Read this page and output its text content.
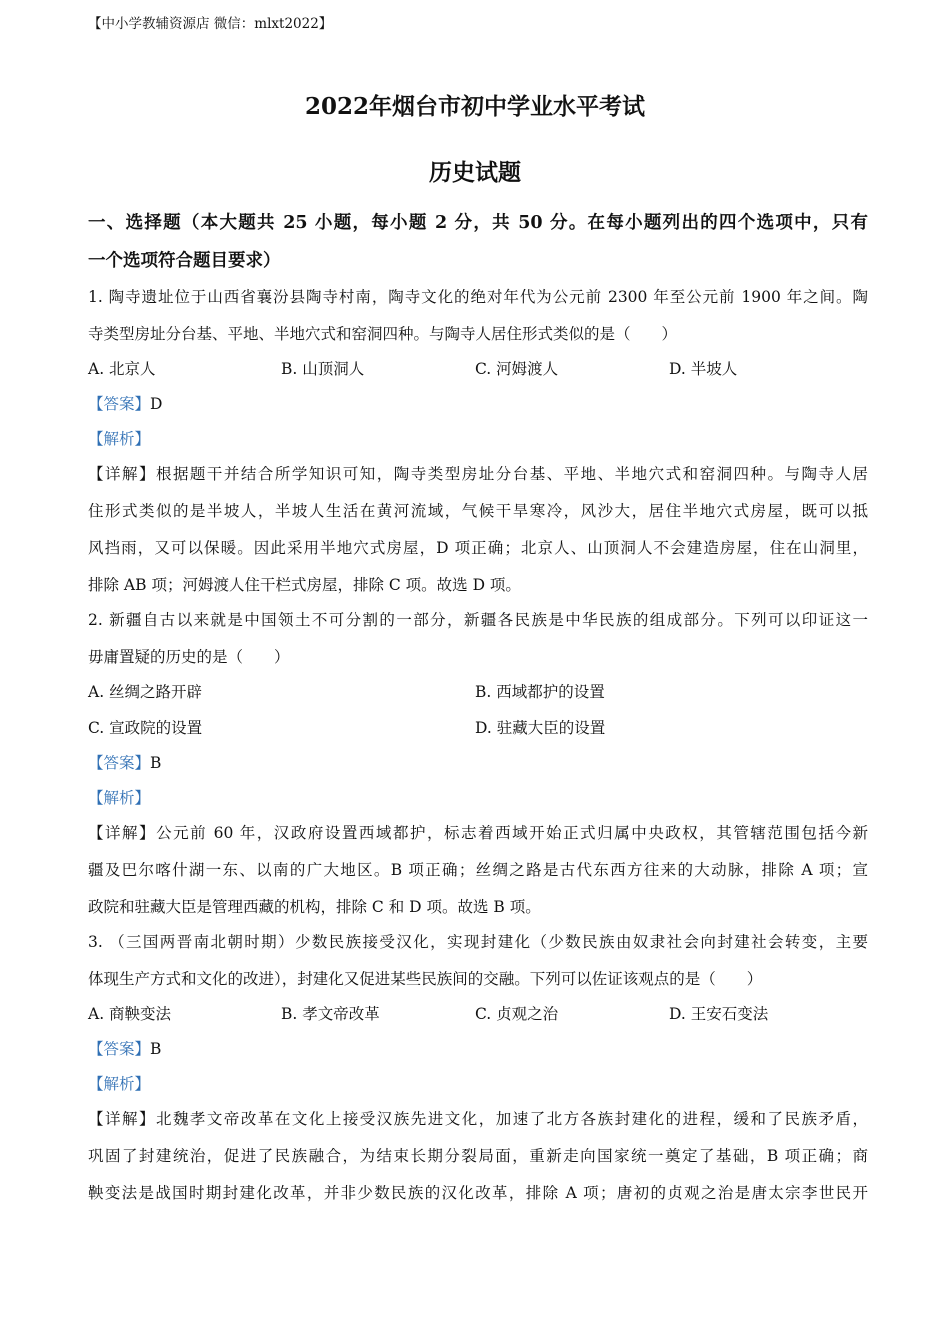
【中小学教辅资源店 微信：mlxt2022】
2022年烟台市初中学业水平考试
历史试题
一、选择题（本大题共 25 小题，每小题 2 分，共 50 分。在每小题列出的四个选项中，只有
一个选项符合题目要求）
1. 陶寺遗址位于山西省襄汾县陶寺村南，陶寺文化的绝对年代为公元前 2300 年至公元前 1900 年之间。陶
寺类型房址分台基、平地、半地穴式和窑洞四种。与陶寺人居住形式类似的是（　　）
A. 北京人	B. 山顶洞人	C. 河姆渡人	D. 半坡人
【答案】D
【解析】
【详解】根据题干并结合所学知识可知，陶寺类型房址分台基、平地、半地穴式和窑洞四种。与陶寺人居
住形式类似的是半坡人，半坡人生活在黄河流域，气候干旱寒冷，风沙大，居住半地穴式房屋，既可以抵
风挡雨，又可以保暖。因此采用半地穴式房屋，D 项正确；北京人、山顶洞人不会建造房屋，住在山洞里，
排除 AB 项；河姆渡人住干栏式房屋，排除 C 项。故选 D 项。
2. 新疆自古以来就是中国领土不可分割的一部分，新疆各民族是中华民族的组成部分。下列可以印证这一
毋庸置疑的历史的是（　　）
A. 丝绸之路开辟	B. 西域都护的设置
C. 宣政院的设置	D. 驻藏大臣的设置
【答案】B
【解析】
【详解】公元前 60 年，汉政府设置西域都护，标志着西域开始正式归属中央政权，其管辖范围包括今新
疆及巴尔喀什湖一东、以南的广大地区。B 项正确；丝绸之路是古代东西方往来的大动脉，排除 A 项；宣
政院和驻藏大臣是管理西藏的机构，排除 C 和 D 项。故选 B 项。
3. （三国两晋南北朝时期）少数民族接受汉化，实现封建化（少数民族由奴隶社会向封建社会转变，主要
体现生产方式和文化的改进），封建化又促进某些民族间的交融。下列可以佐证该观点的是（　　）
A. 商鞅变法	B. 孝文帝改革	C. 贞观之治	D. 王安石变法
【答案】B
【解析】
【详解】北魏孝文帝改革在文化上接受汉族先进文化，加速了北方各族封建化的进程，缓和了民族矛盾，
巩固了封建统治，促进了民族融合，为结束长期分裂局面，重新走向国家统一奠定了基础，B 项正确；商
鞅变法是战国时期封建化改革，并非少数民族的汉化改革，排除 A 项；唐初的贞观之治是唐太宗李世民开
